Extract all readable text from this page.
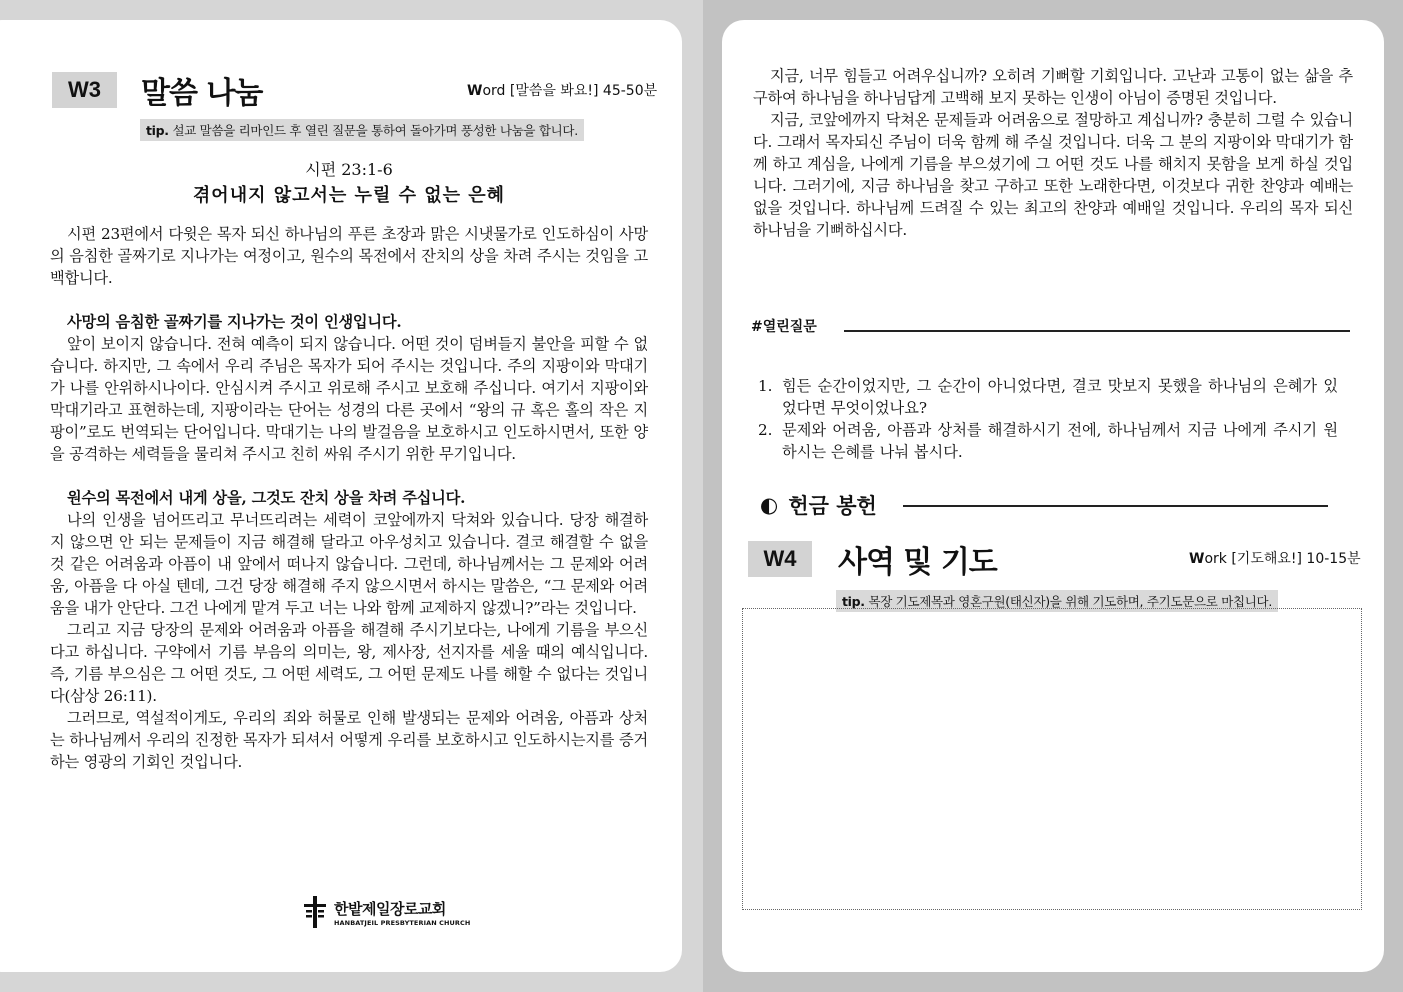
W3	말씀 나눔	Word [말씀을 봐요!] 45-50분
tip. 설교 말씀을 리마인드 후 열린 질문을 통하여 돌아가며 풍성한 나눔을 합니다.
시편 23:1-6
겪어내지 않고서는 누릴 수 없는 은혜

시편 23편에서 다윗은 목자 되신 하나님의 푸른 초장과 맑은 시냇물가로 인도하심이 사망의 음침한 골짜기로 지나가는 여정이고, 원수의 목전에서 잔치의 상을 차려 주시는 것임을 고백합니다.

사망의 음침한 골짜기를 지나가는 것이 인생입니다.

앞이 보이지 않습니다. 전혀 예측이 되지 않습니다. 어떤 것이 덤벼들지 불안을 피할 수 없습니다. 하지만, 그 속에서 우리 주님은 목자가 되어 주시는 것입니다. 주의 지팡이와 막대기가 나를 안위하시나이다. 안심시켜 주시고 위로해 주시고 보호해 주십니다. 여기서 지팡이와 막대기라고 표현하는데, 지팡이라는 단어는 성경의 다른 곳에서 “왕의 규 혹은 홀의 작은 지팡이”로도 번역되는 단어입니다. 막대기는 나의 발걸음을 보호하시고 인도하시면서, 또한 양을 공격하는 세력들을 물리쳐 주시고 친히 싸워 주시기 위한 무기입니다.

원수의 목전에서 내게 상을, 그것도 잔치 상을 차려 주십니다.

나의 인생을 넘어뜨리고 무너뜨리려는 세력이 코앞에까지 닥쳐와 있습니다. 당장 해결하지 않으면 안 되는 문제들이 지금 해결해 달라고 아우성치고 있습니다. 결코 해결할 수 없을 것 같은 어려움과 아픔이 내 앞에서 떠나지 않습니다. 그런데, 하나님께서는 그 문제와 어려움, 아픔을 다 아실 텐데, 그건 당장 해결해 주지 않으시면서 하시는 말씀은, “그 문제와 어려움을 내가 안단다. 그건 나에게 맡겨 두고 너는 나와 함께 교제하지 않겠니?”라는 것입니다.

그리고 지금 당장의 문제와 어려움과 아픔을 해결해 주시기보다는, 나에게 기름을 부으신다고 하십니다. 구약에서 기름 부음의 의미는, 왕, 제사장, 선지자를 세울 때의 예식입니다. 즉, 기름 부으심은 그 어떤 것도, 그 어떤 세력도, 그 어떤 문제도 나를 해할 수 없다는 것입니다(삼상 26:11).

그러므로, 역설적이게도, 우리의 죄와 허물로 인해 발생되는 문제와 어려움, 아픔과 상처는 하나님께서 우리의 진정한 목자가 되셔서 어떻게 우리를 보호하시고 인도하시는지를 증거하는 영광의 기회인 것입니다.

한밭제일장로교회
HANBATJEIL PRESBYTERIAN CHURCH

지금, 너무 힘들고 어려우십니까? 오히려 기뻐할 기회입니다. 고난과 고통이 없는 삶을 추구하여 하나님을 하나님답게 고백해 보지 못하는 인생이 아님이 증명된 것입니다.

지금, 코앞에까지 닥쳐온 문제들과 어려움으로 절망하고 계십니까? 충분히 그럴 수 있습니다. 그래서 목자되신 주님이 더욱 함께 해 주실 것입니다. 더욱 그 분의 지팡이와 막대기가 함께 하고 계심을, 나에게 기름을 부으셨기에 그 어떤 것도 나를 해치지 못함을 보게 하실 것입니다. 그러기에, 지금 하나님을 찾고 구하고 또한 노래한다면, 이것보다 귀한 찬양과 예배는 없을 것입니다. 하나님께 드려질 수 있는 최고의 찬양과 예배일 것입니다. 우리의 목자 되신 하나님을 기뻐하십시다.

#열린질문
1. 힘든 순간이었지만, 그 순간이 아니었다면, 결코 맛보지 못했을 하나님의 은혜가 있었다면 무엇이었나요?
2. 문제와 어려움, 아픔과 상처를 해결하시기 전에, 하나님께서 지금 나에게 주시기 원하시는 은혜를 나눠 봅시다.
◐ 헌금 봉헌
W4	사역 및 기도	Work [기도해요!] 10-15분
tip. 목장 기도제목과 영혼구원(태신자)을 위해 기도하며, 주기도문으로 마칩니다.
